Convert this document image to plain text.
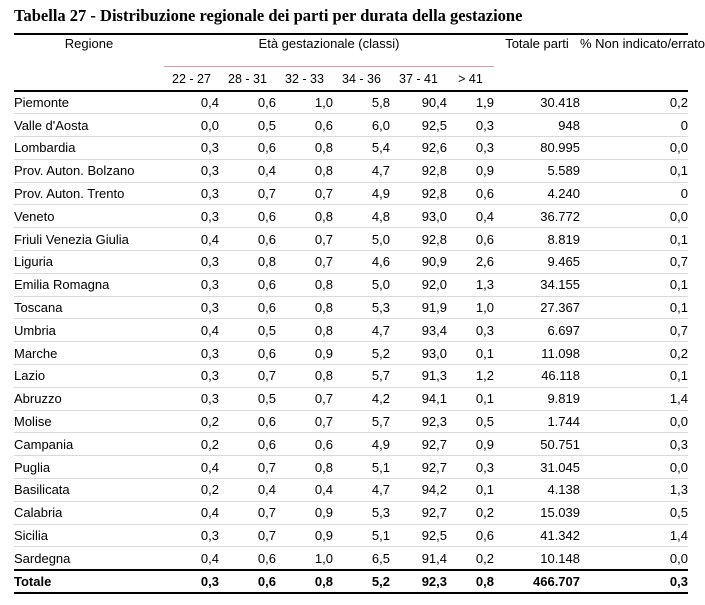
Tabella 27 - Distribuzione regionale dei parti per durata della gestazione
Regione	Età gestazionale (classi)						Totale parti	% Non indicato/errato
	22 - 27	28 - 31	32 - 33	34 - 36	37 - 41	> 41		
Piemonte	0,4	0,6	1,0	5,8	90,4	1,9	30.418	0,2
Valle d'Aosta	0,0	0,5	0,6	6,0	92,5	0,3	948	0
Lombardia	0,3	0,6	0,8	5,4	92,6	0,3	80.995	0,0
Prov. Auton. Bolzano	0,3	0,4	0,8	4,7	92,8	0,9	5.589	0,1
Prov. Auton. Trento	0,3	0,7	0,7	4,9	92,8	0,6	4.240	0
Veneto	0,3	0,6	0,8	4,8	93,0	0,4	36.772	0,0
Friuli Venezia Giulia	0,4	0,6	0,7	5,0	92,8	0,6	8.819	0,1
Liguria	0,3	0,8	0,7	4,6	90,9	2,6	9.465	0,7
Emilia Romagna	0,3	0,6	0,8	5,0	92,0	1,3	34.155	0,1
Toscana	0,3	0,6	0,8	5,3	91,9	1,0	27.367	0,1
Umbria	0,4	0,5	0,8	4,7	93,4	0,3	6.697	0,7
Marche	0,3	0,6	0,9	5,2	93,0	0,1	11.098	0,2
Lazio	0,3	0,7	0,8	5,7	91,3	1,2	46.118	0,1
Abruzzo	0,3	0,5	0,7	4,2	94,1	0,1	9.819	1,4
Molise	0,2	0,6	0,7	5,7	92,3	0,5	1.744	0,0
Campania	0,2	0,6	0,6	4,9	92,7	0,9	50.751	0,3
Puglia	0,4	0,7	0,8	5,1	92,7	0,3	31.045	0,0
Basilicata	0,2	0,4	0,4	4,7	94,2	0,1	4.138	1,3
Calabria	0,4	0,7	0,9	5,3	92,7	0,2	15.039	0,5
Sicilia	0,3	0,7	0,9	5,1	92,5	0,6	41.342	1,4
Sardegna	0,4	0,6	1,0	6,5	91,4	0,2	10.148	0,0
Totale	0,3	0,6	0,8	5,2	92,3	0,8	466.707	0,3
